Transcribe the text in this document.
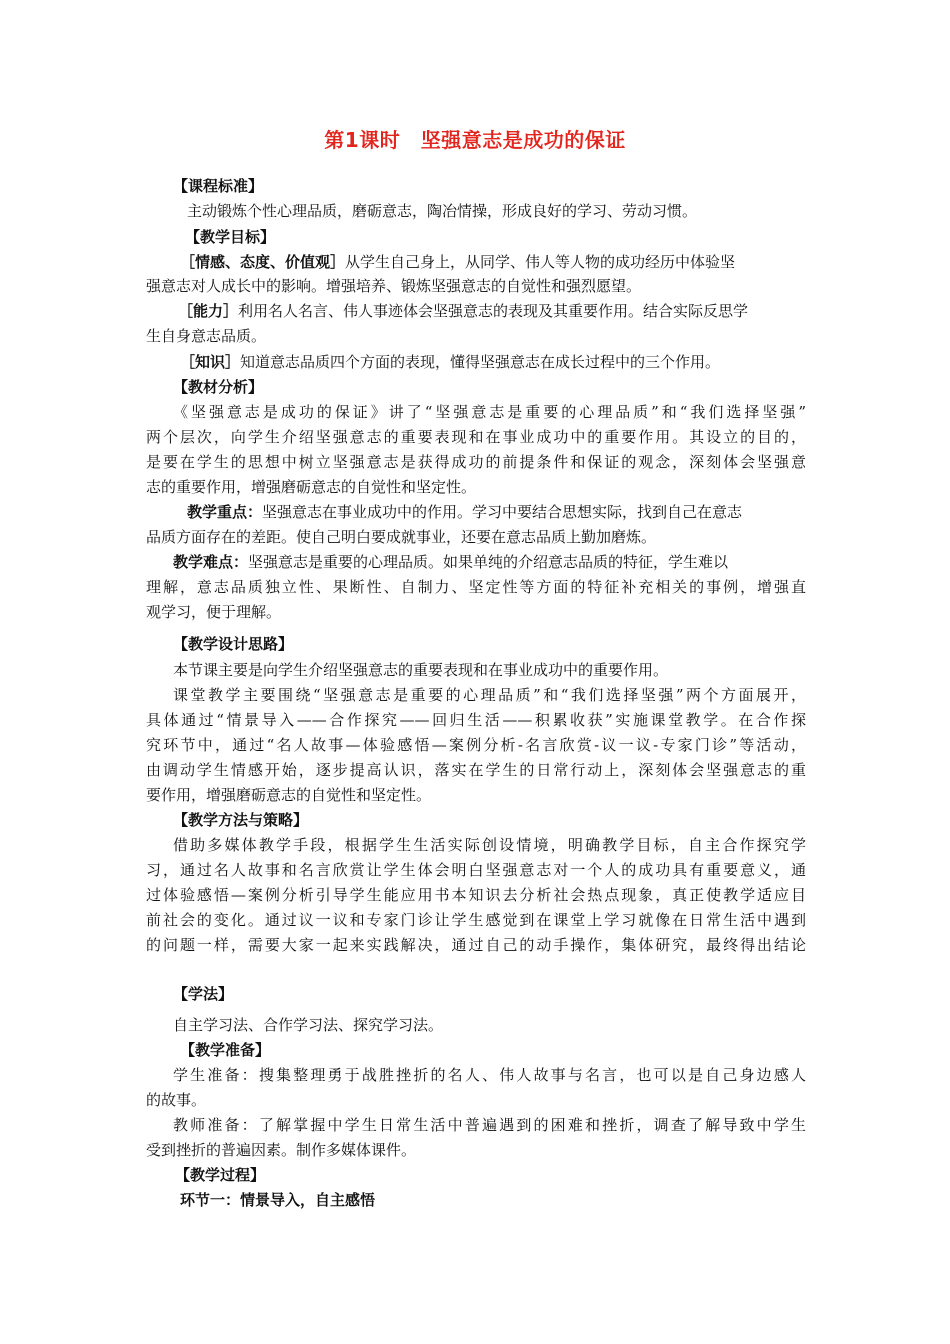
第1课时　坚强意志是成功的保证
【课程标准】
主动锻炼个性心理品质，磨砺意志，陶冶情操，形成良好的学习、劳动习惯。
【教学目标】
［情感、态度、价值观］从学生自己身上，从同学、伟人等人物的成功经历中体验坚
强意志对人成长中的影响。增强培养、锻炼坚强意志的自觉性和强烈愿望。
［能力］利用名人名言、伟人事迹体会坚强意志的表现及其重要作用。结合实际反思学
生自身意志品质。
［知识］知道意志品质四个方面的表现，懂得坚强意志在成长过程中的三个作用。
【教材分析】
《坚强意志是成功的保证》讲了“坚强意志是重要的心理品质”和“我们选择坚强”
两个层次，向学生介绍坚强意志的重要表现和在事业成功中的重要作用。其设立的目的，
是要在学生的思想中树立坚强意志是获得成功的前提条件和保证的观念，深刻体会坚强意
志的重要作用，增强磨砺意志的自觉性和坚定性。
教学重点：坚强意志在事业成功中的作用。学习中要结合思想实际，找到自己在意志
品质方面存在的差距。使自己明白要成就事业，还要在意志品质上勤加磨炼。
教学难点：坚强意志是重要的心理品质。如果单纯的介绍意志品质的特征，学生难以
理解，意志品质独立性、果断性、自制力、坚定性等方面的特征补充相关的事例，增强直
观学习，便于理解。
【教学设计思路】
本节课主要是向学生介绍坚强意志的重要表现和在事业成功中的重要作用。
课堂教学主要围绕“坚强意志是重要的心理品质”和“我们选择坚强”两个方面展开，
具体通过“情景导入——合作探究——回归生活——积累收获”实施课堂教学。在合作探
究环节中，通过“名人故事—体验感悟—案例分析-名言欣赏-议一议-专家门诊”等活动，
由调动学生情感开始，逐步提高认识，落实在学生的日常行动上，深刻体会坚强意志的重
要作用，增强磨砺意志的自觉性和坚定性。
【教学方法与策略】
借助多媒体教学手段，根据学生生活实际创设情境，明确教学目标，自主合作探究学
习，通过名人故事和名言欣赏让学生体会明白坚强意志对一个人的成功具有重要意义，通
过体验感悟—案例分析引导学生能应用书本知识去分析社会热点现象，真正使教学适应目
前社会的变化。通过议一议和专家门诊让学生感觉到在课堂上学习就像在日常生活中遇到
的问题一样，需要大家一起来实践解决，通过自己的动手操作，集体研究，最终得出结论
【学法】
自主学习法、合作学习法、探究学习法。
【教学准备】
学生准备：搜集整理勇于战胜挫折的名人、伟人故事与名言，也可以是自己身边感人
的故事。
教师准备：了解掌握中学生日常生活中普遍遇到的困难和挫折，调查了解导致中学生
受到挫折的普遍因素。制作多媒体课件。
【教学过程】
环节一：情景导入，自主感悟
